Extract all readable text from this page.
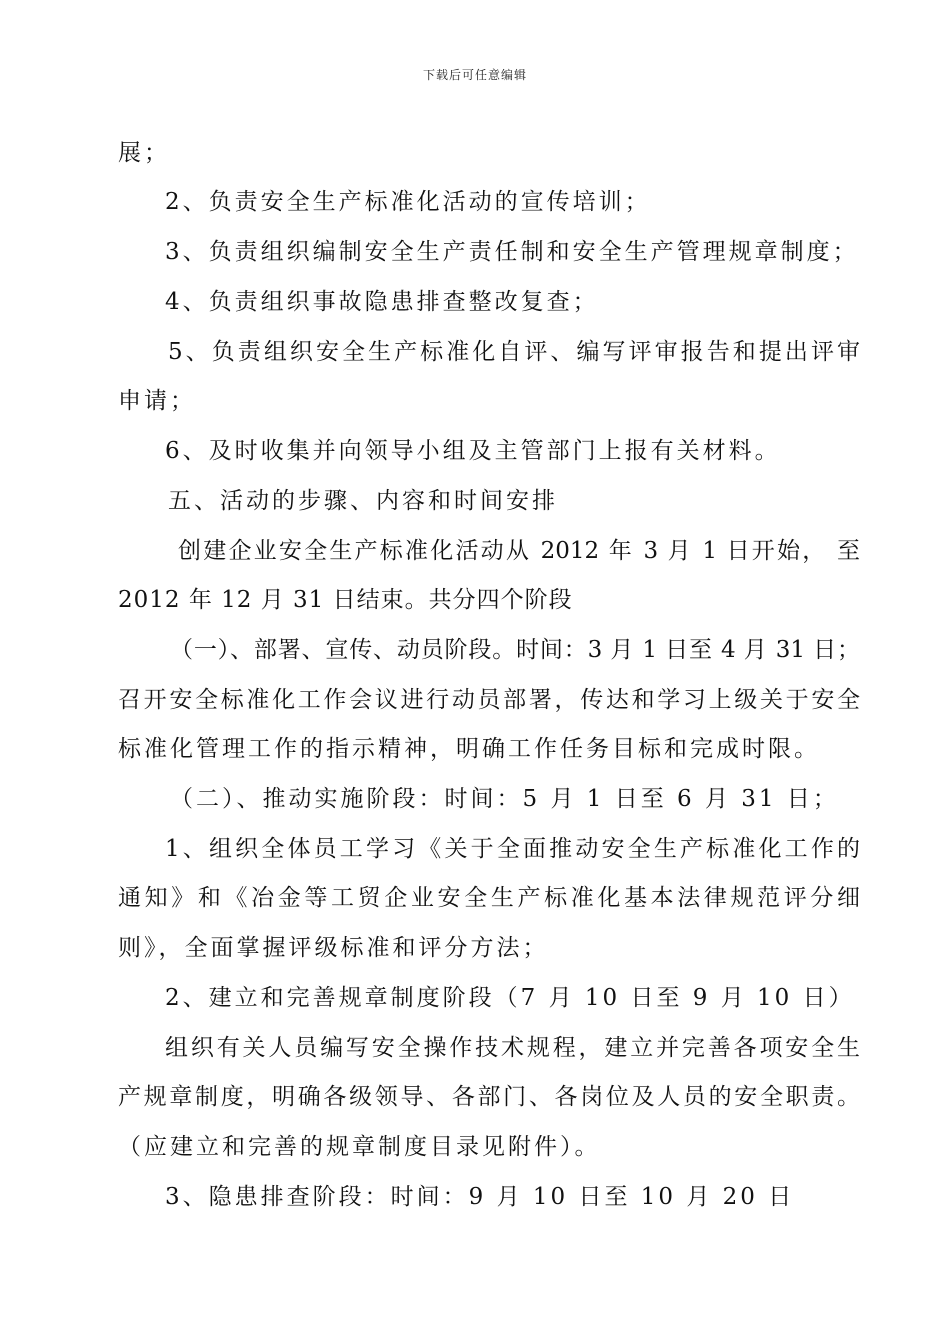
下载后可任意编辑
展；
2、负责安全生产标准化活动的宣传培训；
3、负责组织编制安全生产责任制和安全生产管理规章制度；
4、负责组织事故隐患排查整改复查；
5、负责组织安全生产标准化自评、编写评审报告和提出评审
申请；
6、及时收集并向领导小组及主管部门上报有关材料。
五、活动的步骤、内容和时间安排
创建企业安全生产标准化活动从 2012 年 3 月 1 日开始， 至
2012 年 12 月 31 日结束。共分四个阶段
（一）、部署、宣传、动员阶段。时间：3 月 1 日至 4 月 31 日；
召开安全标准化工作会议进行动员部署，传达和学习上级关于安全
标准化管理工作的指示精神，明确工作任务目标和完成时限。
（二）、推动实施阶段：时间：5 月 1 日至 6 月 31 日；
1、组织全体员工学习《关于全面推动安全生产标准化工作的
通知》和《冶金等工贸企业安全生产标准化基本法律规范评分细
则》，全面掌握评级标准和评分方法；
2、建立和完善规章制度阶段（7 月 10 日至 9 月 10 日）
组织有关人员编写安全操作技术规程，建立并完善各项安全生
产规章制度，明确各级领导、各部门、各岗位及人员的安全职责。
（应建立和完善的规章制度目录见附件）。
3、隐患排查阶段：时间：9 月 10 日至 10 月 20 日
